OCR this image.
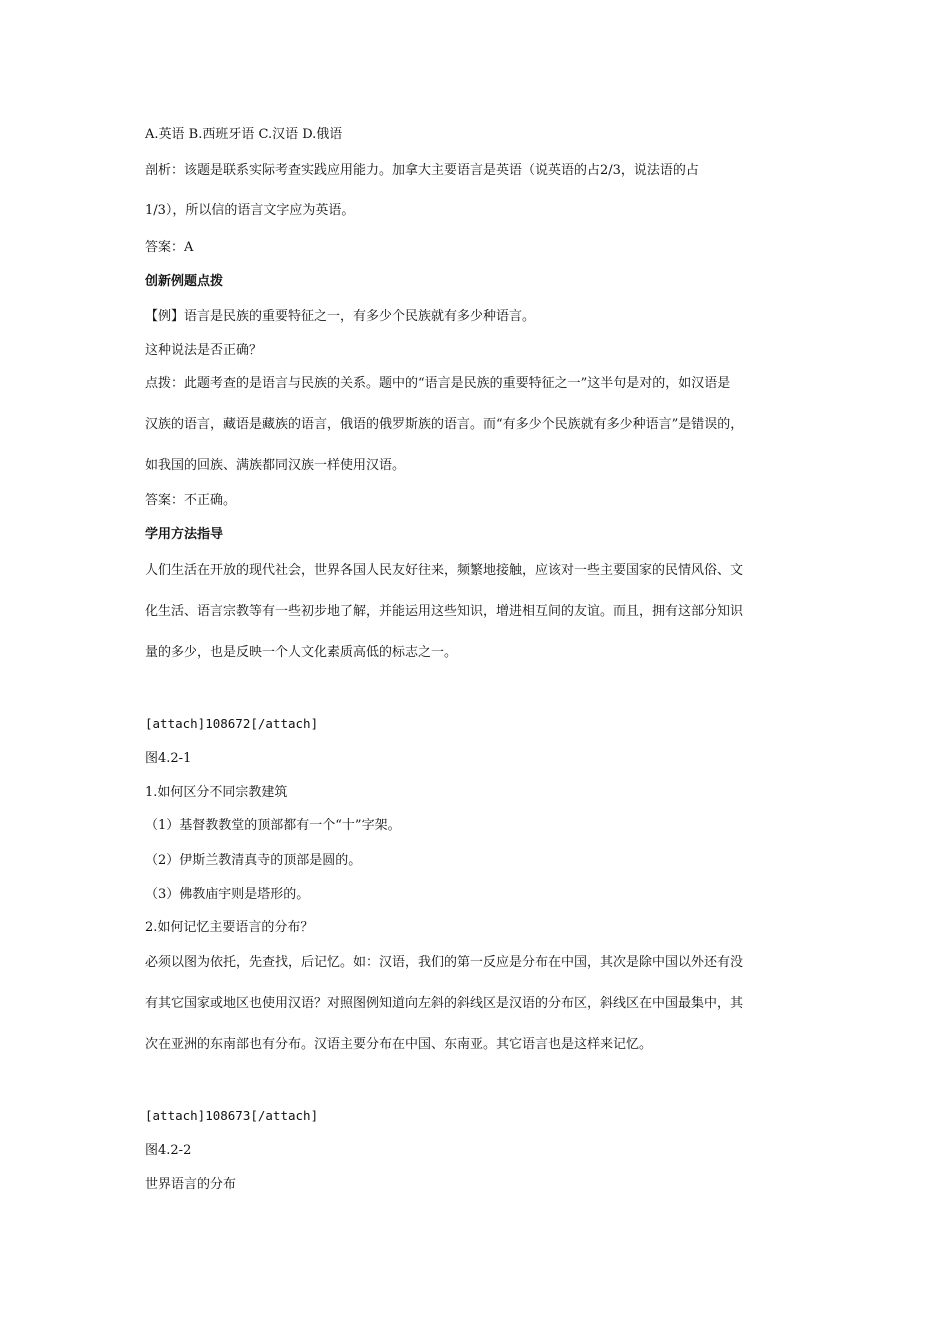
A.英语 B.西班牙语 C.汉语 D.俄语
剖析：该题是联系实际考查实践应用能力。加拿大主要语言是英语（说英语的占2/3，说法语的占
1/3），所以信的语言文字应为英语。
答案：A
创新例题点拨
【例】语言是民族的重要特征之一，有多少个民族就有多少种语言。
这种说法是否正确？
点拨：此题考查的是语言与民族的关系。题中的“语言是民族的重要特征之一”这半句是对的，如汉语是
汉族的语言，藏语是藏族的语言，俄语的俄罗斯族的语言。而“有多少个民族就有多少种语言”是错误的，
如我国的回族、满族都同汉族一样使用汉语。
答案：不正确。
学用方法指导
人们生活在开放的现代社会，世界各国人民友好往来，频繁地接触，应该对一些主要国家的民情风俗、文
化生活、语言宗教等有一些初步地了解，并能运用这些知识，增进相互间的友谊。而且，拥有这部分知识
量的多少，也是反映一个人文化素质高低的标志之一。
[attach]108672[/attach]
图4.2-1
1.如何区分不同宗教建筑
（1）基督教教堂的顶部都有一个“十”字架。
（2）伊斯兰教清真寺的顶部是圆的。
（3）佛教庙宇则是塔形的。
2.如何记忆主要语言的分布？
必须以图为依托，先查找，后记忆。如：汉语，我们的第一反应是分布在中国，其次是除中国以外还有没
有其它国家或地区也使用汉语？对照图例知道向左斜的斜线区是汉语的分布区，斜线区在中国最集中，其
次在亚洲的东南部也有分布。汉语主要分布在中国、东南亚。其它语言也是这样来记忆。
[attach]108673[/attach]
图4.2-2
世界语言的分布
